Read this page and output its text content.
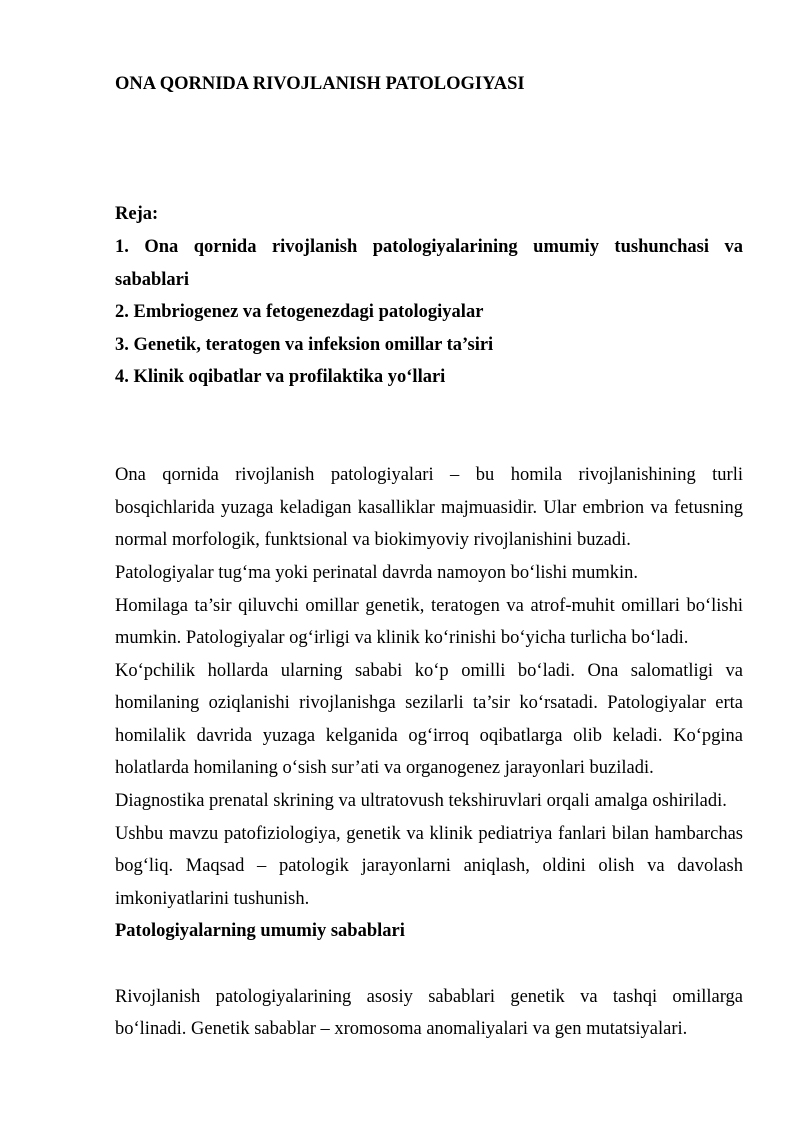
ONA QORNIDA RIVOJLANISH PATOLOGIYASI

Reja:

1. Ona qornida rivojlanish patologiyalarining umumiy tushunchasi va sabablari

2. Embriogenez va fetogenezdagi patologiyalar

3. Genetik, teratogen va infeksion omillar ta’siri

4. Klinik oqibatlar va profilaktika yoʻllari

Ona qornida rivojlanish patologiyalari – bu homila rivojlanishining turli bosqichlarida yuzaga keladigan kasalliklar majmuasidir. Ular embrion va fetusning normal morfologik, funktsional va biokimyoviy rivojlanishini buzadi.

Patologiyalar tugʻma yoki perinatal davrda namoyon boʻlishi mumkin.

Homilaga ta’sir qiluvchi omillar genetik, teratogen va atrof-muhit omillari boʻlishi mumkin. Patologiyalar ogʻirligi va klinik koʻrinishi boʻyicha turlicha boʻladi.

Koʻpchilik hollarda ularning sababi koʻp omilli boʻladi. Ona salomatligi va homilaning oziqlanishi rivojlanishga sezilarli ta’sir koʻrsatadi. Patologiyalar erta homilalik davrida yuzaga kelganida ogʻirroq oqibatlarga olib keladi. Koʻpgina holatlarda homilaning oʻsish sur’ati va organogenez jarayonlari buziladi.

Diagnostika prenatal skrining va ultratovush tekshiruvlari orqali amalga oshiriladi.

Ushbu mavzu patofiziologiya, genetik va klinik pediatriya fanlari bilan hambarchas bogʻliq. Maqsad – patologik jarayonlarni aniqlash, oldini olish va davolash imkoniyatlarini tushunish.

Patologiyalarning umumiy sabablari

Rivojlanish patologiyalarining asosiy sabablari genetik va tashqi omillarga boʻlinadi. Genetik sabablar – xromosoma anomaliyalari va gen mutatsiyalari.
